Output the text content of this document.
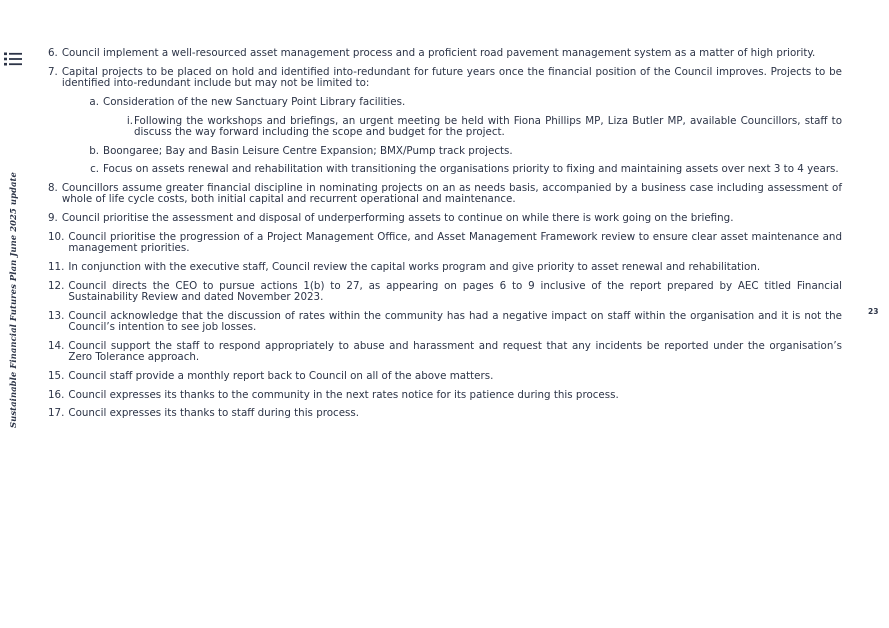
Sustainable Financial Futures Plan June 2025 update	23
6. Council implement a well-resourced asset management process and a proficient road pavement management system as a matter of high priority.
7. Capital projects to be placed on hold and identified into-redundant for future years once the financial position of the Council improves. Projects to be identified into-redundant include but may not be limited to:
a. Consideration of the new Sanctuary Point Library facilities.
i. Following the workshops and briefings, an urgent meeting be held with Fiona Phillips MP, Liza Butler MP, available Councillors, staff to discuss the way forward including the scope and budget for the project.
b. Boongaree; Bay and Basin Leisure Centre Expansion; BMX/Pump track projects.
c. Focus on assets renewal and rehabilitation with transitioning the organisations priority to fixing and maintaining assets over next 3 to 4 years.
8. Councillors assume greater financial discipline in nominating projects on an as needs basis, accompanied by a business case including assessment of whole of life cycle costs, both initial capital and recurrent operational and maintenance.
9. Council prioritise the assessment and disposal of underperforming assets to continue on while there is work going on the briefing.
10. Council prioritise the progression of a Project Management Office, and Asset Management Framework review to ensure clear asset maintenance and management priorities.
11. In conjunction with the executive staff, Council review the capital works program and give priority to asset renewal and rehabilitation.
12. Council directs the CEO to pursue actions 1(b) to 27, as appearing on pages 6 to 9 inclusive of the report prepared by AEC titled Financial Sustainability Review and dated November 2023.
13. Council acknowledge that the discussion of rates within the community has had a negative impact on staff within the organisation and it is not the Council’s intention to see job losses.
14. Council support the staff to respond appropriately to abuse and harassment and request that any incidents be reported under the organisation’s Zero Tolerance approach.
15. Council staff provide a monthly report back to Council on all of the above matters.
16. Council expresses its thanks to the community in the next rates notice for its patience during this process.
17. Council expresses its thanks to staff during this process.
